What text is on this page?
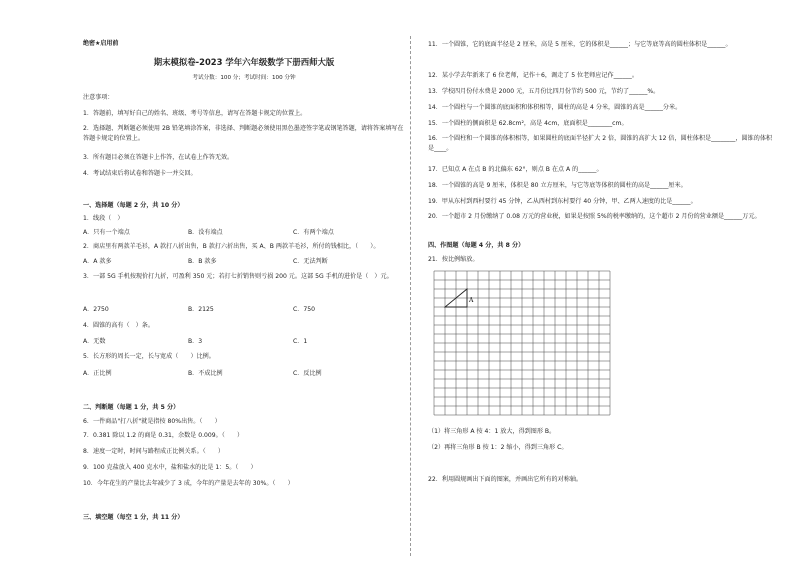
绝密★启用前
期末模拟卷-2023 学年六年级数学下册西师大版
考试分数：100 分；考试时间：100 分钟
注意事项：
1．答题前，填写好自己的姓名、班级、考号等信息，请写在答题卡规定的位置上。
2．选择题、判断题必须使用 2B 铅笔填涂答案，非选择、判断题必须使用黑色墨迹签字笔或钢笔答题，请将答案填写在答题卡规定的位置上。
3．所有题目必须在答题卡上作答，在试卷上作答无效。
4．考试结束后将试卷和答题卡一并交回。
一、选择题（每题 2 分，共 10 分）
1．线段（　）
A．只有一个端点	B．没有端点	C．有两个端点
2．商店里有两款羊毛衫，A 款打八折出售，B 款打六折出售，买 A、B 两款羊毛衫，所付的钱相比，（　　）。
A．A 款多	B．B 款多	C．无法判断
3．一部 5G 手机按现价打九折，可盈利 350 元；若打七折销售则亏损 200 元。这部 5G 手机的进价是（　）元。
A．2750	B．2125	C．750
4．圆锥的高有（　）条。
A．无数	B．3	C．1
5．长方形的周长一定，长与宽成（　　）比例。
A．正比例	B．不成比例	C．反比例
二、判断题（每题 1 分，共 5 分）
6．一件商品"打八折"就是指按 80%出售。（　　）
7．0.381 除以 1.2 的商是 0.31，余数是 0.009。（　　）
8．速度一定时，时间与路程成正比例关系。（　　）
9．100 克盐放入 400 克水中，盐和盐水的比是 1：5。（　　）
10．今年花生的产量比去年减少了 3 成，今年的产量是去年的 30%。（　　）
三、填空题（每空 1 分，共 11 分）
11．一个圆锥，它的底面半径是 2 厘米，高是 5 厘米，它的体积是______；与它等底等高的圆柱体积是______。
12．某小学去年新来了 6 位老师，记作＋6，调走了 5 位老师应记作______。
13．学校四月份付水费是 2000 元，五月份比四月份节约 500 元，节约了______%。
14．一个圆柱与一个圆锥的底面积和体积相等，圆柱的高是 4 分米，圆锥的高是______分米。
15．一个圆柱的侧面积是 62.8cm²，高是 4cm，底面积是________cm。
16．一个圆柱和一个圆锥的体积相等，如果圆柱的底面半径扩大 2 倍，圆锥的高扩大 12 倍，圆柱体积是________，圆锥的体积是____。
17．已知点 A 在点 B 的北偏东 62°，则点 B 在点 A 的______。
18．一个圆锥的高是 9 厘米，体积是 80 立方厘米，与它等底等体积的圆柱的高是______厘米。
19．甲从东村到西村要行 45 分钟，乙从西村到东村要行 40 分钟，甲、乙两人速度的比是______。
20．一个超市 2 月份缴纳了 0.08 万元的营业税，如果是按照 5%的税率缴纳的，这个超市 2 月份的营业额是______万元。
四、作图题（每题 4 分，共 8 分）
21．按比例缩放。
A
（1）将三角形 A 按 4：1 放大，得到图形 B。
（2）再将三角形 B 按 1：2 缩小，得到三角形 C。
22．利用圆规画出下面的图案，并画出它所有的对称轴。
